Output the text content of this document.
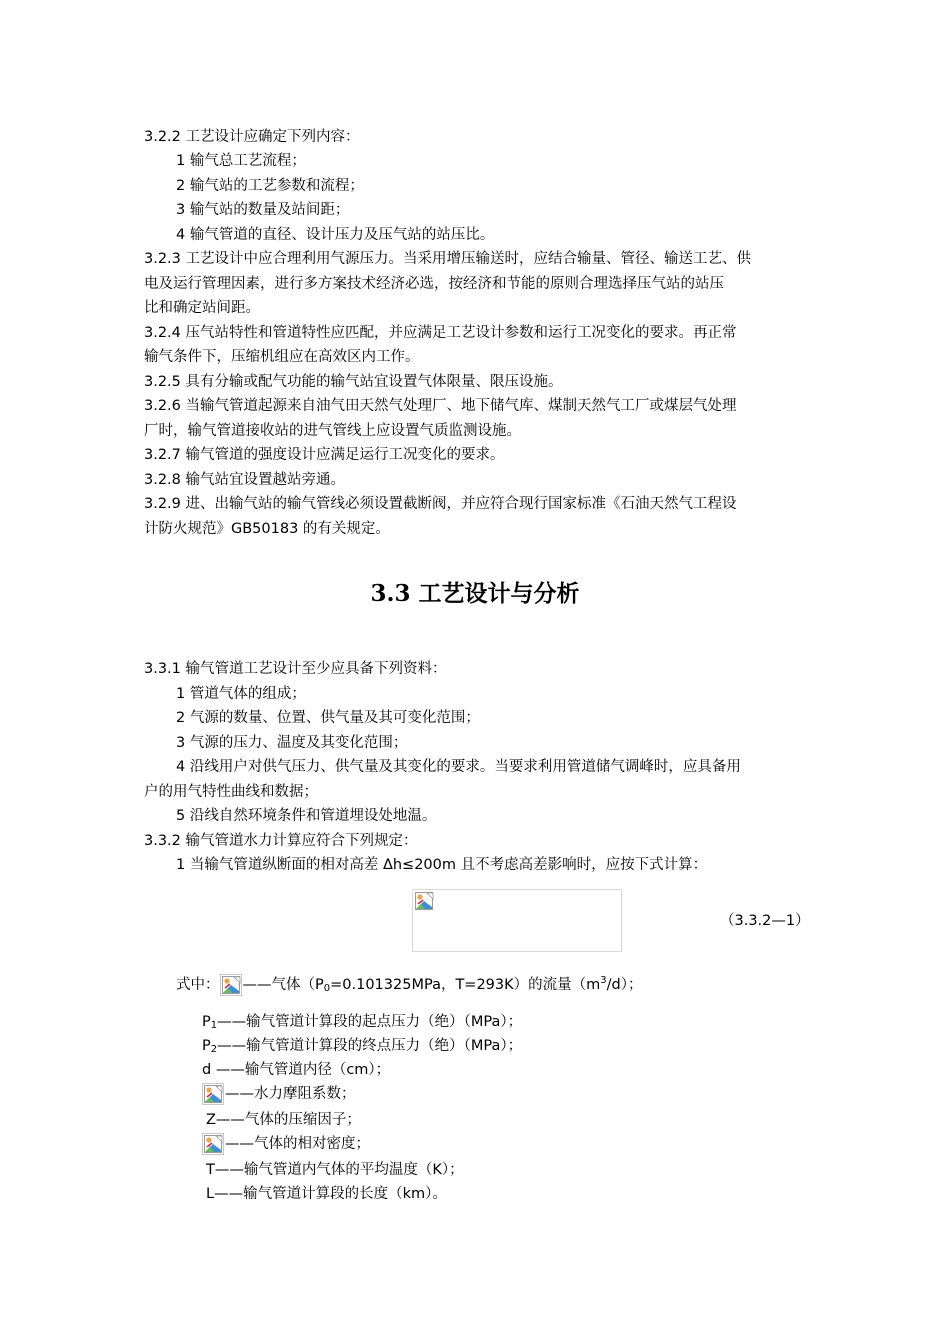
3.2.2 工艺设计应确定下列内容：
1 输气总工艺流程；
2 输气站的工艺参数和流程；
3 输气站的数量及站间距；
4 输气管道的直径、设计压力及压气站的站压比。
3.2.3 工艺设计中应合理利用气源压力。当采用增压输送时，应结合输量、管径、输送工艺、供
电及运行管理因素，进行多方案技术经济必选，按经济和节能的原则合理选择压气站的站压
比和确定站间距。
3.2.4 压气站特性和管道特性应匹配，并应满足工艺设计参数和运行工况变化的要求。再正常
输气条件下，压缩机组应在高效区内工作。
3.2.5 具有分输或配气功能的输气站宜设置气体限量、限压设施。
3.2.6 当输气管道起源来自油气田天然气处理厂、地下储气库、煤制天然气工厂或煤层气处理
厂时，输气管道接收站的进气管线上应设置气质监测设施。
3.2.7 输气管道的强度设计应满足运行工况变化的要求。
3.2.8 输气站宜设置越站旁通。
3.2.9 进、出输气站的输气管线必须设置截断阀，并应符合现行国家标准《石油天然气工程设
计防火规范》GB50183 的有关规定。
3.3 工艺设计与分析
3.3.1 输气管道工艺设计至少应具备下列资料：
1 管道气体的组成；
2 气源的数量、位置、供气量及其可变化范围；
3 气源的压力、温度及其变化范围；
4 沿线用户对供气压力、供气量及其变化的要求。当要求利用管道储气调峰时，应具备用
户的用气特性曲线和数据；
5 沿线自然环境条件和管道埋设处地温。
3.3.2 输气管道水力计算应符合下列规定：
1 当输气管道纵断面的相对高差 Δh≤200m 且不考虑高差影响时，应按下式计算：
（3.3.2—1）
式中： ——气体（$P_0=0.101325MPa$，T=293K）的流量$(m^3/d)$；
$P_1——$输气管道计算段的起点压力（绝）（MPa）；
$P_2——$输气管道计算段的终点压力（绝）（MPa）；
d ——输气管道内径（cm）；
——水力摩阻系数；
Z——气体的压缩因子；
——气体的相对密度；
T——输气管道内气体的平均温度（K）；
L——输气管道计算段的长度（km）。
